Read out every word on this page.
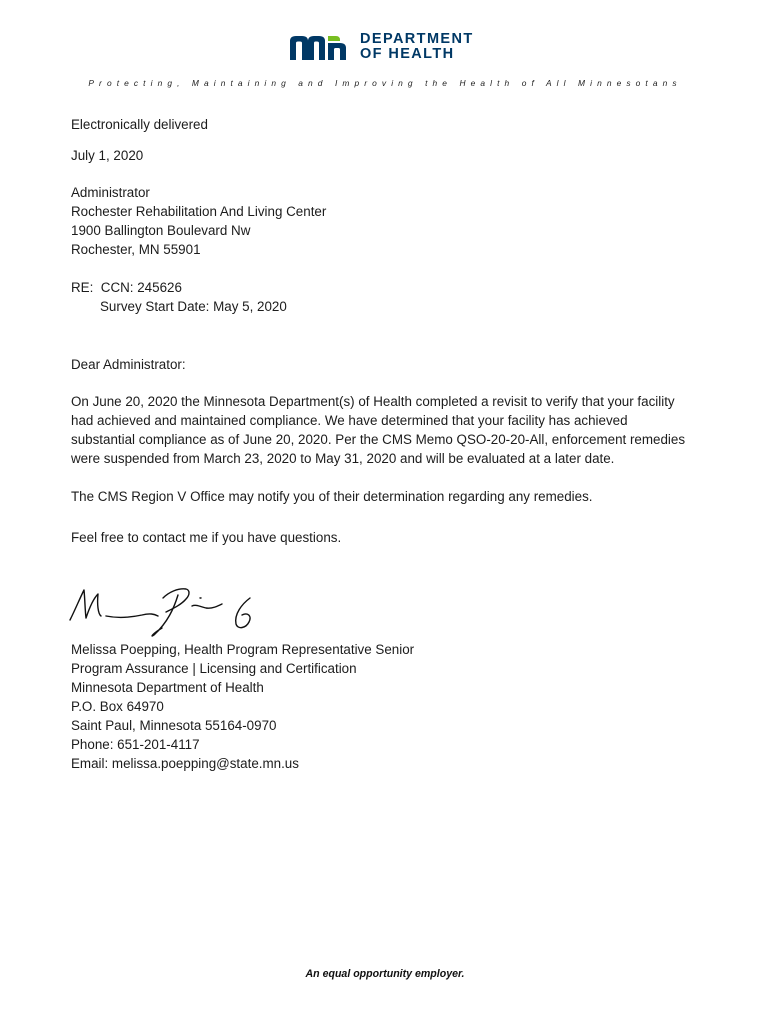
DEPARTMENT
OF HEALTH
Protecting, Maintaining and Improving the Health of All Minnesotans
Electronically delivered
July 1, 2020
Administrator
Rochester Rehabilitation And Living Center
1900 Ballington Boulevard Nw
Rochester, MN 55901
RE: CCN: 245626
Survey Start Date: May 5, 2020
Dear Administrator:
On June 20, 2020 the Minnesota Department(s) of Health completed a revisit to verify that your facility
had achieved and maintained compliance. We have determined that your facility has achieved
substantial compliance as of June 20, 2020. Per the CMS Memo QSO-20-20-All, enforcement remedies
were suspended from March 23, 2020 to May 31, 2020 and will be evaluated at a later date.
The CMS Region V Office may notify you of their determination regarding any remedies.
Feel free to contact me if you have questions.
Melissa Poepping, Health Program Representative Senior
Program Assurance | Licensing and Certification
Minnesota Department of Health
P.O. Box 64970
Saint Paul, Minnesota 55164-0970
Phone: 651-201-4117
Email: melissa.poepping@state.mn.us
An equal opportunity employer.
